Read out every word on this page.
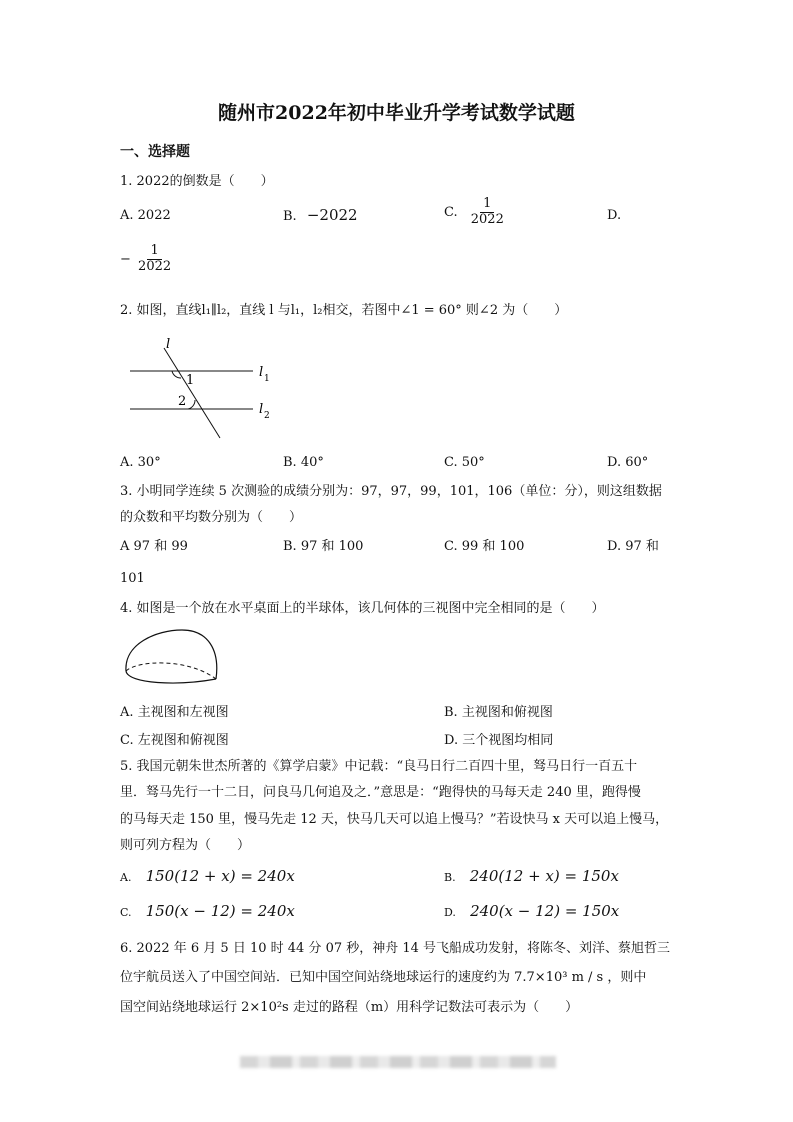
随州市2022年初中毕业升学考试数学试题
一、选择题
1. 2022的倒数是（　　）
A. 2022	B. −2022	C. $\frac{1}{2022}$	D.
− $\frac{1}{2022}$
2. 如图，直线l₁∥l₂，直线 l 与l₁，l₂相交，若图中∠1 = 60° 则∠2 为（　　）
l
1
2
l 1
l 2
A. 30°	B. 40°	C. 50°	D. 60°
3. 小明同学连续 5 次测验的成绩分别为：97，97，99，101，106（单位：分），则这组数据
的众数和平均数分别为（　　）
A 97 和 99	B. 97 和 100	C. 99 和 100	D. 97 和
101
4. 如图是一个放在水平桌面上的半球体，该几何体的三视图中完全相同的是（　　）
A. 主视图和左视图	B. 主视图和俯视图
C. 左视图和俯视图	D. 三个视图均相同
5. 我国元朝朱世杰所著的《算学启蒙》中记载：“良马日行二百四十里，驽马日行一百五十
里．驽马先行一十二日，问良马几何追及之．”意思是：“跑得快的马每天走 240 里，跑得慢
的马每天走 150 里，慢马先走 12 天，快马几天可以追上慢马？”若设快马 x 天可以追上慢马，
则可列方程为（　　）
A. 150(12 + x) = 240x	B. 240(12 + x) = 150x
C. 150(x − 12) = 240x	D. 240(x − 12) = 150x
6. 2022 年 6 月 5 日 10 时 44 分 07 秒，神舟 14 号飞船成功发射，将陈冬、刘洋、蔡旭哲三
位宇航员送入了中国空间站．已知中国空间站绕地球运行的速度约为 7.7×10³ m / s ，则中
国空间站绕地球运行 2×10²s 走过的路程（m）用科学记数法可表示为（　　）
